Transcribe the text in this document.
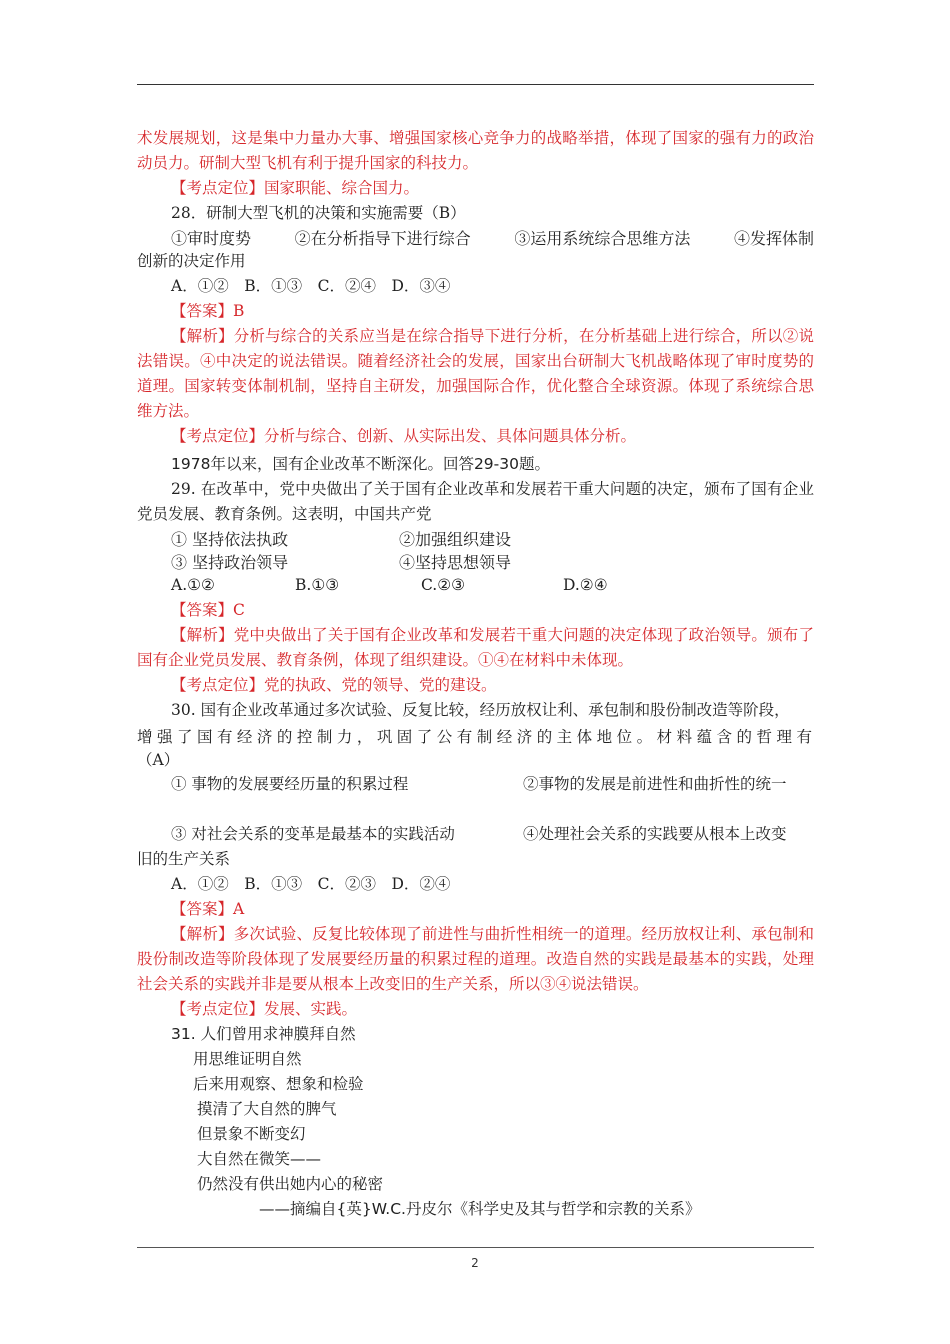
术发展规划，这是集中力量办大事、增强国家核心竞争力的战略举措，体现了国家的强有力的政治动员力。研制大型飞机有利于提升国家的科技力。

【考点定位】国家职能、综合国力。

28．研制大型飞机的决策和实施需要（B）

①审时度势	②在分析指导下进行综合	③运用系统综合思维方法	④发挥体制

创新的决定作用

A．①②　B．①③　C．②④　D．③④

【答案】B

【解析】分析与综合的关系应当是在综合指导下进行分析，在分析基础上进行综合，所以②说法错误。④中决定的说法错误。随着经济社会的发展，国家出台研制大飞机战略体现了审时度势的道理。国家转变体制机制，坚持自主研发，加强国际合作，优化整合全球资源。体现了系统综合思维方法。

【考点定位】分析与综合、创新、从实际出发、具体问题具体分析。

1978年以来，国有企业改革不断深化。回答29-30题。

29. 在改革中，党中央做出了关于国有企业改革和发展若干重大问题的决定，颁布了国有企业党员发展、教育条例。这表明，中国共产党

① 坚持依法执政	②加强组织建设
③ 坚持政治领导	④坚持思想领导
A.①②	B.①③	C.②③	D.②④

【答案】C

【解析】党中央做出了关于国有企业改革和发展若干重大问题的决定体现了政治领导。颁布了国有企业党员发展、教育条例，体现了组织建设。①④在材料中未体现。

【考点定位】党的执政、党的领导、党的建设。

30. 国有企业改革通过多次试验、反复比较，经历放权让利、承包制和股份制改造等阶段，

增强了国有经济的控制力，巩固了公有制经济的主体地位。材料蕴含的哲理有

（A）

① 事物的发展要经历量的积累过程	②事物的发展是前进性和曲折性的统一
③ 对社会关系的变革是最基本的实践活动	④处理社会关系的实践要从根本上改变

旧的生产关系

A．①②　B．①③　C．②③　D．②④

【答案】A

【解析】多次试验、反复比较体现了前进性与曲折性相统一的道理。经历放权让利、承包制和股份制改造等阶段体现了发展要经历量的积累过程的道理。改造自然的实践是最基本的实践，处理社会关系的实践并非是要从根本上改变旧的生产关系，所以③④说法错误。

【考点定位】发展、实践。

31. 人们曾用求神膜拜自然
用思维证明自然
后来用观察、想象和检验
摸清了大自然的脾气
但景象不断变幻
大自然在微笑——
仍然没有供出她内心的秘密
——摘编自{英}W.C.丹皮尔《科学史及其与哲学和宗教的关系》
2
